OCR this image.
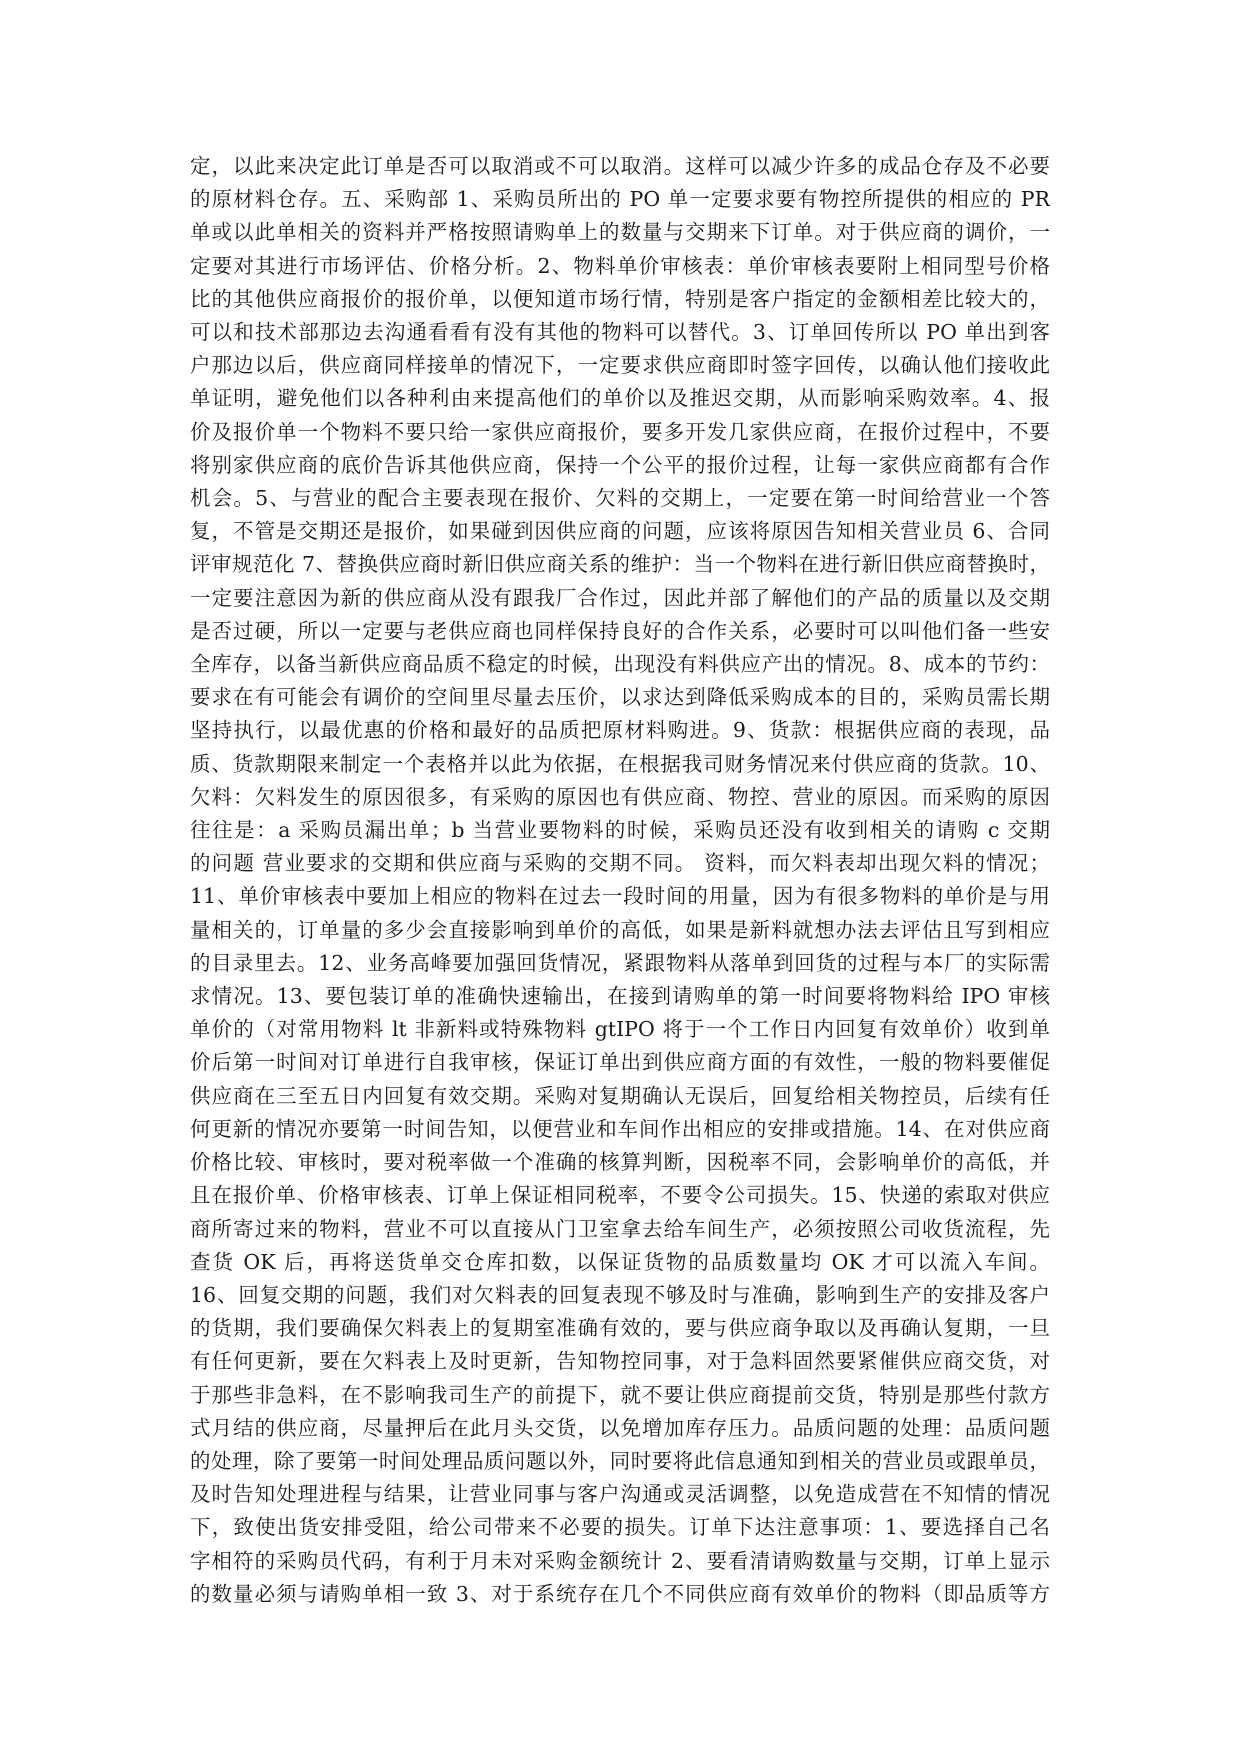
定，以此来决定此订单是否可以取消或不可以取消。这样可以减少许多的成品仓存及不必要
的原材料仓存。五、采购部 1、采购员所出的 PO 单一定要求要有物控所提供的相应的 PR
单或以此单相关的资料并严格按照请购单上的数量与交期来下订单。对于供应商的调价，一
定要对其进行市场评估、价格分析。2、物料单价审核表：单价审核表要附上相同型号价格
比的其他供应商报价的报价单，以便知道市场行情，特别是客户指定的金额相差比较大的，
可以和技术部那边去沟通看看有没有其他的物料可以替代。3、订单回传所以 PO 单出到客
户那边以后，供应商同样接单的情况下，一定要求供应商即时签字回传，以确认他们接收此
单证明，避免他们以各种利由来提高他们的单价以及推迟交期，从而影响采购效率。4、报
价及报价单一个物料不要只给一家供应商报价，要多开发几家供应商，在报价过程中，不要
将别家供应商的底价告诉其他供应商，保持一个公平的报价过程，让每一家供应商都有合作
机会。5、与营业的配合主要表现在报价、欠料的交期上，一定要在第一时间给营业一个答
复，不管是交期还是报价，如果碰到因供应商的问题，应该将原因告知相关营业员 6、合同
评审规范化 7、替换供应商时新旧供应商关系的维护：当一个物料在进行新旧供应商替换时，
一定要注意因为新的供应商从没有跟我厂合作过，因此并部了解他们的产品的质量以及交期
是否过硬，所以一定要与老供应商也同样保持良好的合作关系，必要时可以叫他们备一些安
全库存，以备当新供应商品质不稳定的时候，出现没有料供应产出的情况。8、成本的节约：
要求在有可能会有调价的空间里尽量去压价，以求达到降低采购成本的目的，采购员需长期
坚持执行，以最优惠的价格和最好的品质把原材料购进。9、货款：根据供应商的表现，品
质、货款期限来制定一个表格并以此为依据，在根据我司财务情况来付供应商的货款。10、
欠料：欠料发生的原因很多，有采购的原因也有供应商、物控、营业的原因。而采购的原因
往往是：a 采购员漏出单；b 当营业要物料的时候，采购员还没有收到相关的请购 c 交期
的问题 营业要求的交期和供应商与采购的交期不同。 资料，而欠料表却出现欠料的情况；
11、单价审核表中要加上相应的物料在过去一段时间的用量，因为有很多物料的单价是与用
量相关的，订单量的多少会直接影响到单价的高低，如果是新料就想办法去评估且写到相应
的目录里去。12、业务高峰要加强回货情况，紧跟物料从落单到回货的过程与本厂的实际需
求情况。13、要包装订单的准确快速输出，在接到请购单的第一时间要将物料给 IPO 审核
单价的（对常用物料 lt 非新料或特殊物料 gtIPO 将于一个工作日内回复有效单价）收到单
价后第一时间对订单进行自我审核，保证订单出到供应商方面的有效性，一般的物料要催促
供应商在三至五日内回复有效交期。采购对复期确认无误后，回复给相关物控员，后续有任
何更新的情况亦要第一时间告知，以便营业和车间作出相应的安排或措施。14、在对供应商
价格比较、审核时，要对税率做一个准确的核算判断，因税率不同，会影响单价的高低，并
且在报价单、价格审核表、订单上保证相同税率，不要令公司损失。15、快递的索取对供应
商所寄过来的物料，营业不可以直接从门卫室拿去给车间生产，必须按照公司收货流程，先
查货 OK 后，再将送货单交仓库扣数，以保证货物的品质数量均 OK 才可以流入车间。
16、回复交期的问题，我们对欠料表的回复表现不够及时与准确，影响到生产的安排及客户
的货期，我们要确保欠料表上的复期室准确有效的，要与供应商争取以及再确认复期，一旦
有任何更新，要在欠料表上及时更新，告知物控同事，对于急料固然要紧催供应商交货，对
于那些非急料，在不影响我司生产的前提下，就不要让供应商提前交货，特别是那些付款方
式月结的供应商，尽量押后在此月头交货，以免增加库存压力。品质问题的处理：品质问题
的处理，除了要第一时间处理品质问题以外，同时要将此信息通知到相关的营业员或跟单员，
及时告知处理进程与结果，让营业同事与客户沟通或灵活调整，以免造成营在不知情的情况
下，致使出货安排受阻，给公司带来不必要的损失。订单下达注意事项：1、要选择自己名
字相符的采购员代码，有利于月未对采购金额统计 2、要看清请购数量与交期，订单上显示
的数量必须与请购单相一致 3、对于系统存在几个不同供应商有效单价的物料（即品质等方
